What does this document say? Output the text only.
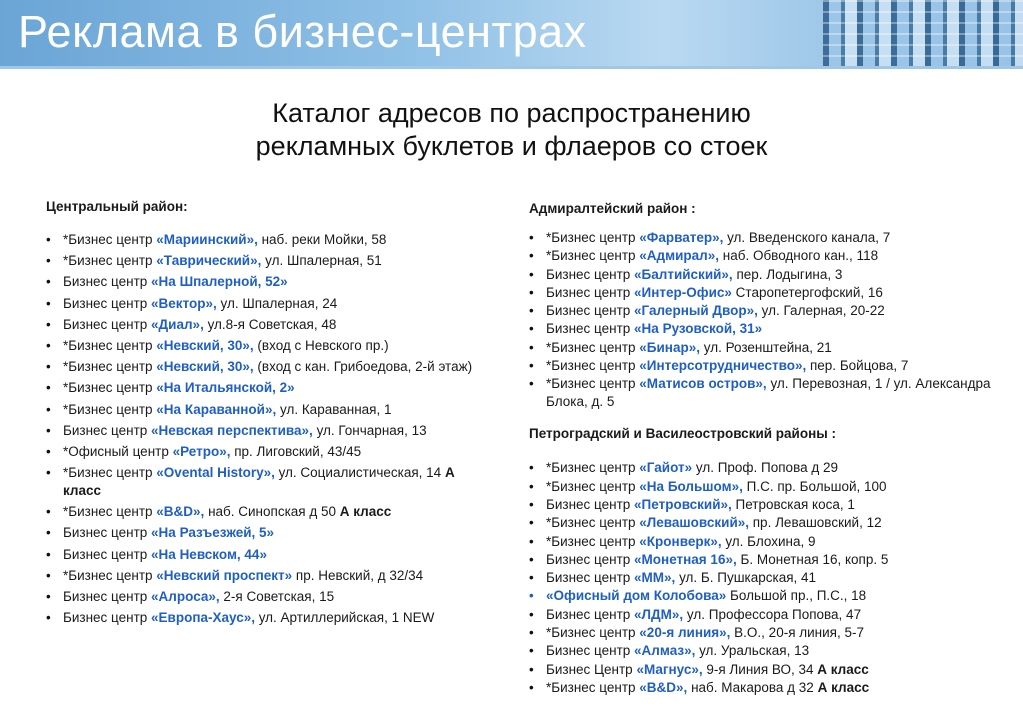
Реклама в бизнес-центрах
Каталог адресов по распространению
рекламных буклетов и флаеров со стоек

Центральный район:

• *Бизнес центр «Мариинский», наб. реки Мойки, 58
• *Бизнес центр «Таврический», ул. Шпалерная, 51
• Бизнес центр «На Шпалерной, 52»
• Бизнес центр «Вектор», ул. Шпалерная, 24
• Бизнес центр «Диал», ул.8-я Советская, 48
• *Бизнес центр «Невский, 30», (вход с Невского пр.)
• *Бизнес центр «Невский, 30», (вход с кан. Грибоедова, 2-й этаж)
• *Бизнес центр «На Итальянской, 2»
• *Бизнес центр «На Караванной», ул. Караванная, 1
• Бизнес центр «Невская перспектива», ул. Гончарная, 13
• *Офисный центр «Ретро», пр. Лиговский, 43/45
• *Бизнес центр «Ovental History», ул. Социалистическая, 14 А класс
• *Бизнес центр «B&D», наб. Синопская д 50 А класс
• Бизнес центр «На Разъезжей, 5»
• Бизнес центр «На Невском, 44»
• *Бизнес центр «Невский проспект» пр. Невский, д 32/34
• Бизнес центр «Алроса», 2-я Советская, 15
• Бизнес центр «Европа-Хаус», ул. Артиллерийская, 1 NEW

Адмиралтейский район :

• *Бизнес центр «Фарватер», ул. Введенского канала, 7
• *Бизнес центр «Адмирал», наб. Обводного кан., 118
• Бизнес центр «Балтийский», пер. Лодыгина, 3
• Бизнес центр «Интер-Офис» Старопетергофский, 16
• Бизнес центр «Галерный Двор», ул. Галерная, 20-22
• Бизнес центр «На Рузовской, 31»
• *Бизнес центр «Бинар», ул. Розенштейна, 21
• *Бизнес центр «Интерсотрудничество», пер. Бойцова, 7
• *Бизнес центр «Матисов остров», ул. Перевозная, 1 / ул. Александра Блока, д. 5

Петроградский и Василеостровский районы :

• *Бизнес центр «Гайот» ул. Проф. Попова д 29
• *Бизнес центр «На Большом», П.С. пр. Большой, 100
• Бизнес центр «Петровский», Петровская коса, 1
• *Бизнес центр «Левашовский», пр. Левашовский, 12
• *Бизнес центр «Кронверк», ул. Блохина, 9
• Бизнес центр «Монетная 16», Б. Монетная 16, копр. 5
• Бизнес центр «ММ», ул. Б. Пушкарская, 41
• «Офисный дом Колобова» Большой пр., П.С., 18
• Бизнес центр «ЛДМ», ул. Профессора Попова, 47
• *Бизнес центр «20-я линия», В.О., 20-я линия, 5-7
• Бизнес центр «Алмаз», ул. Уральская, 13
• Бизнес Центр «Магнус», 9-я Линия ВО, 34 А класс
• *Бизнес центр «B&D», наб. Макарова д 32 А класс
